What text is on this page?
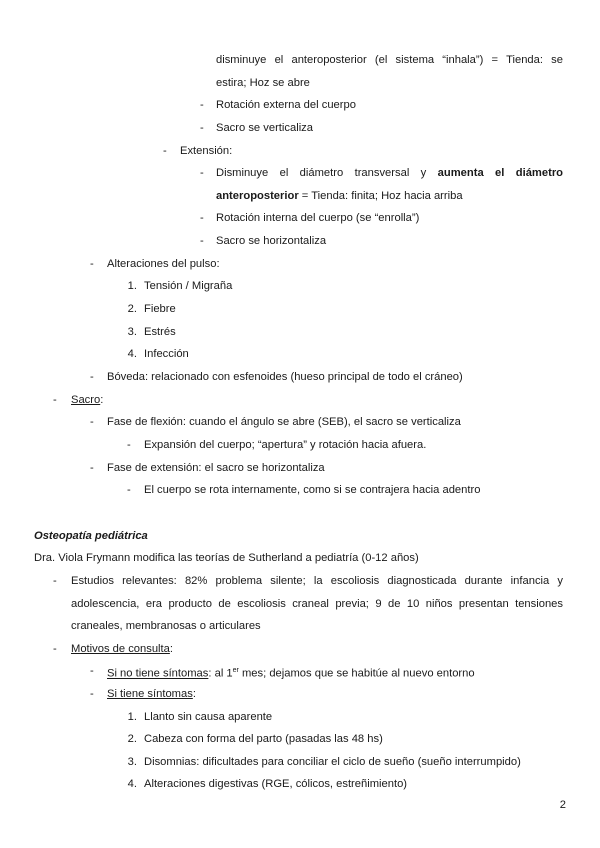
disminuye el anteroposterior (el sistema “inhala”) = Tienda: se
estira; Hoz se abre
- Rotación externa del cuerpo
- Sacro se verticaliza
- Extensión:
- Disminuye el diámetro transversal y aumenta el diámetro
anteroposterior = Tienda: finita; Hoz hacia arriba
- Rotación interna del cuerpo (se “enrolla”)
- Sacro se horizontaliza
- Alteraciones del pulso:
1. Tensión / Migraña
2. Fiebre
3. Estrés
4. Infección
- Bóveda: relacionado con esfenoides (hueso principal de todo el cráneo)
- Sacro:
- Fase de flexión: cuando el ángulo se abre (SEB), el sacro se verticaliza
- Expansión del cuerpo; “apertura” y rotación hacia afuera.
- Fase de extensión: el sacro se horizontaliza
- El cuerpo se rota internamente, como si se contrajera hacia adentro
Osteopatía pediátrica
Dra. Viola Frymann modifica las teorías de Sutherland a pediatría (0-12 años)
- Estudios relevantes: 82% problema silente; la escoliosis diagnosticada durante infancia y
adolescencia, era producto de escoliosis craneal previa; 9 de 10 niños presentan tensiones
craneales, membranosas o articulares
- Motivos de consulta:
- Si no tiene síntomas: al 1er mes; dejamos que se habitúe al nuevo entorno
- Si tiene síntomas:
1. Llanto sin causa aparente
2. Cabeza con forma del parto (pasadas las 48 hs)
3. Disomnias: dificultades para conciliar el ciclo de sueño (sueño interrumpido)
4. Alteraciones digestivas (RGE, cólicos, estreñimiento)
2
